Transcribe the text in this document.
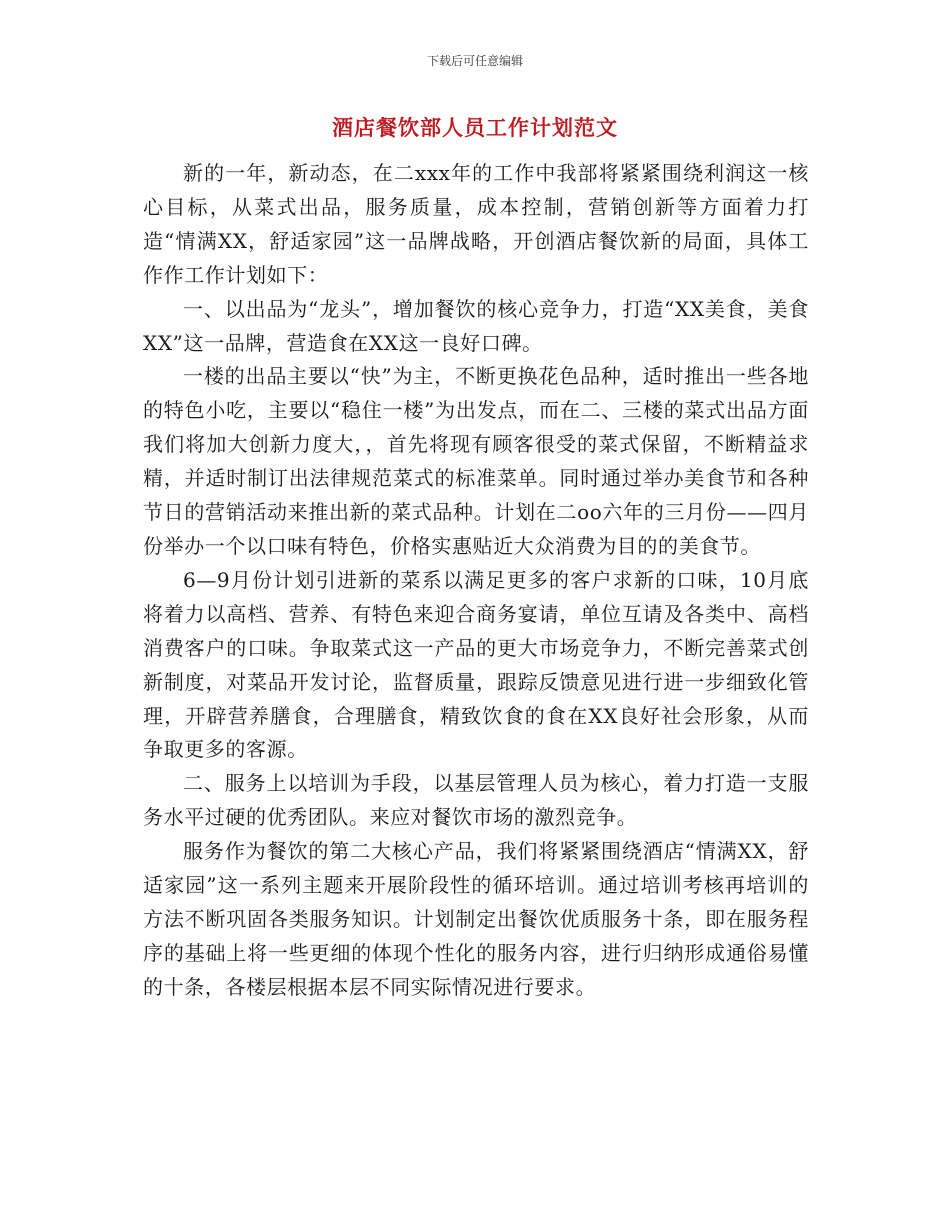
下载后可任意编辑
酒店餐饮部人员工作计划范文

新的一年，新动态，在二xxx年的工作中我部将紧紧围绕利润这一核心目标，从菜式出品，服务质量，成本控制，营销创新等方面着力打造“情满XX，舒适家园”这一品牌战略，开创酒店餐饮新的局面，具体工作作工作计划如下：

一、以出品为“龙头”，增加餐饮的核心竞争力，打造“XX美食，美食XX”这一品牌，营造食在XX这一良好口碑。

一楼的出品主要以“快”为主，不断更换花色品种，适时推出一些各地的特色小吃，主要以“稳住一楼”为出发点，而在二、三楼的菜式出品方面我们将加大创新力度大，，首先将现有顾客很受的菜式保留，不断精益求精，并适时制订出法律规范菜式的标准菜单。同时通过举办美食节和各种节日的营销活动来推出新的菜式品种。计划在二oo六年的三月份——四月份举办一个以口味有特色，价格实惠贴近大众消费为目的的美食节。

6—9月份计划引进新的菜系以满足更多的客户求新的口味，10月底将着力以高档、营养、有特色来迎合商务宴请，单位互请及各类中、高档消费客户的口味。争取菜式这一产品的更大市场竞争力，不断完善菜式创新制度，对菜品开发讨论，监督质量，跟踪反馈意见进行进一步细致化管理，开辟营养膳食，合理膳食，精致饮食的食在XX良好社会形象，从而争取更多的客源。

二、服务上以培训为手段，以基层管理人员为核心，着力打造一支服务水平过硬的优秀团队。来应对餐饮市场的激烈竞争。

服务作为餐饮的第二大核心产品，我们将紧紧围绕酒店“情满XX，舒适家园”这一系列主题来开展阶段性的循环培训。通过培训考核再培训的方法不断巩固各类服务知识。计划制定出餐饮优质服务十条，即在服务程序的基础上将一些更细的体现个性化的服务内容，进行归纳形成通俗易懂的十条，各楼层根据本层不同实际情况进行要求。
